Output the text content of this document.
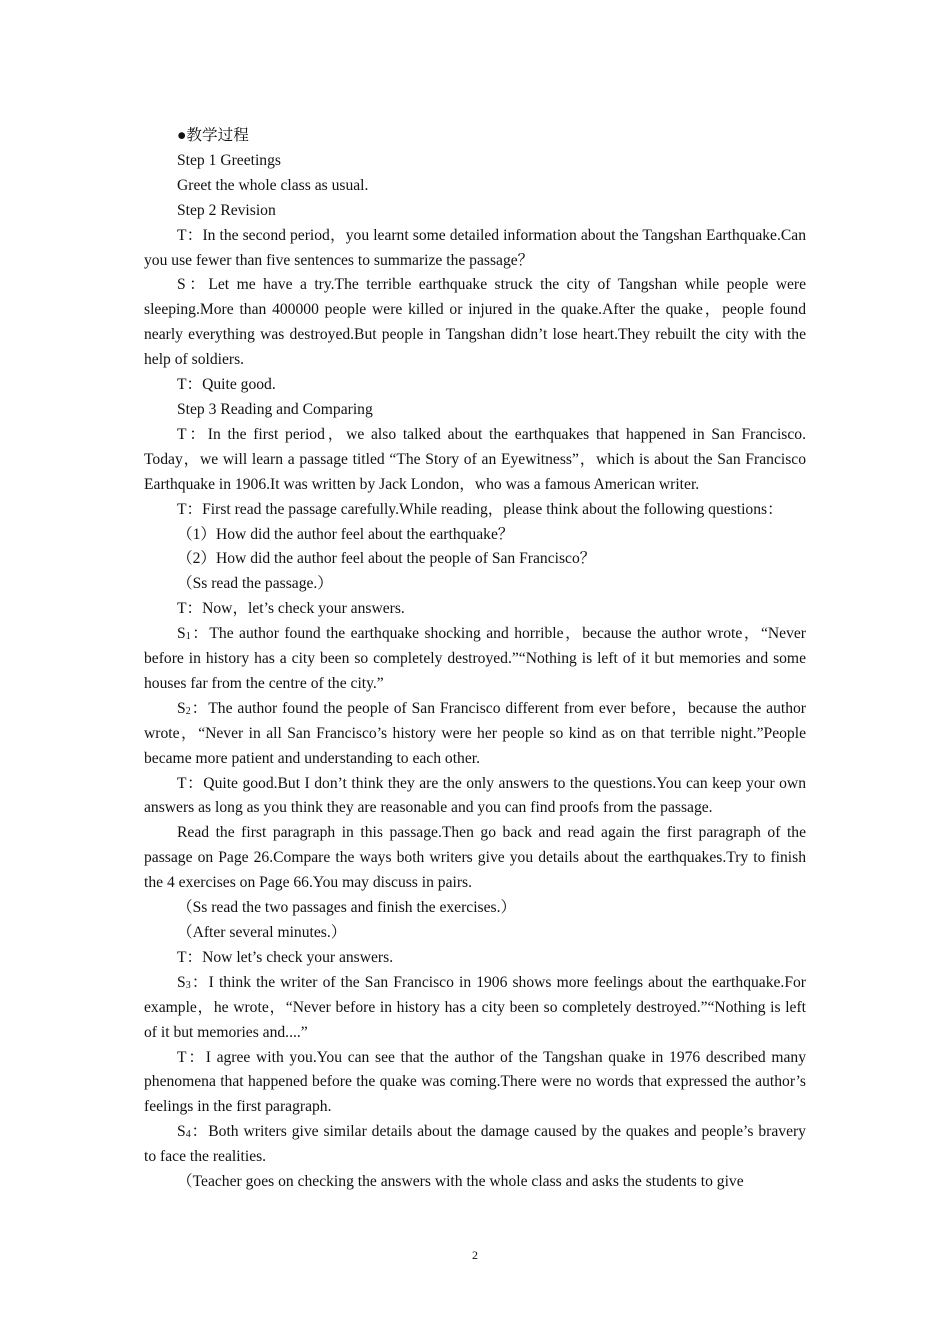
●教学过程

Step 1 Greetings

Greet the whole class as usual.

Step 2 Revision

T：In the second period，you learnt some detailed information about the Tangshan Earthquake.Can you use fewer than five sentences to summarize the passage？

S：Let me have a try.The terrible earthquake struck the city of Tangshan while people were sleeping.More than 400000 people were killed or injured in the quake.After the quake，people found nearly everything was destroyed.But people in Tangshan didn’t lose heart.They rebuilt the city with the help of soldiers.

T：Quite good.

Step 3 Reading and Comparing

T：In the first period，we also talked about the earthquakes that happened in San Francisco. Today，we will learn a passage titled “The Story of an Eyewitness”，which is about the San Francisco Earthquake in 1906.It was written by Jack London，who was a famous American writer.

T：First read the passage carefully.While reading，please think about the following questions：

（1）How did the author feel about the earthquake？

（2）How did the author feel about the people of San Francisco？

（Ss read the passage.）

T：Now，let’s check your answers.

$S_1$：The author found the earthquake shocking and horrible，because the author wrote，“Never before in history has a city been so completely destroyed.”“Nothing is left of it but memories and some houses far from the centre of the city.”

$S_2$：The author found the people of San Francisco different from ever before，because the author wrote，“Never in all San Francisco’s history were her people so kind as on that terrible night.”People became more patient and understanding to each other.

T：Quite good.But I don’t think they are the only answers to the questions.You can keep your own answers as long as you think they are reasonable and you can find proofs from the passage.

Read the first paragraph in this passage.Then go back and read again the first paragraph of the passage on Page 26.Compare the ways both writers give you details about the earthquakes.Try to finish the 4 exercises on Page 66.You may discuss in pairs.

（Ss read the two passages and finish the exercises.）

（After several minutes.）

T：Now let’s check your answers.

$S_3$：I think the writer of the San Francisco in 1906 shows more feelings about the earthquake.For example，he wrote，“Never before in history has a city been so completely destroyed.”“Nothing is left of it but memories and....”

T：I agree with you.You can see that the author of the Tangshan quake in 1976 described many phenomena that happened before the quake was coming.There were no words that expressed the author’s feelings in the first paragraph.

$S_4$：Both writers give similar details about the damage caused by the quakes and people’s bravery to face the realities.

（Teacher goes on checking the answers with the whole class and asks the students to give

2
